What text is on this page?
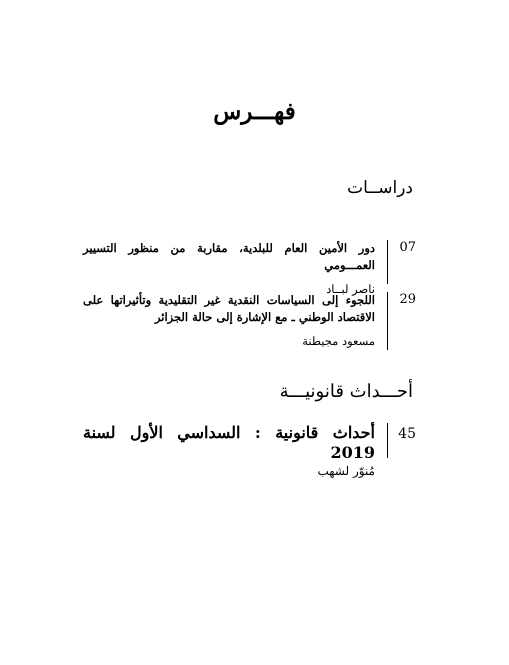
فهـــرس
دراســات
07
دور الأمين العام للبلدية، مقاربة من منظور التسيير العمـــومي
ناصر لبــاد
29
اللجوء إلى السياسات النقدية غير التقليدية وتأثيراتها على الاقتصاد الوطني ـ مع الإشارة إلى حالة الجزائر
مسعود مجيطنة
أحـــداث قانونيـــة
45
أحداث قانونية : السداسي الأول لسنة 2019
مُنوّر لشهب
